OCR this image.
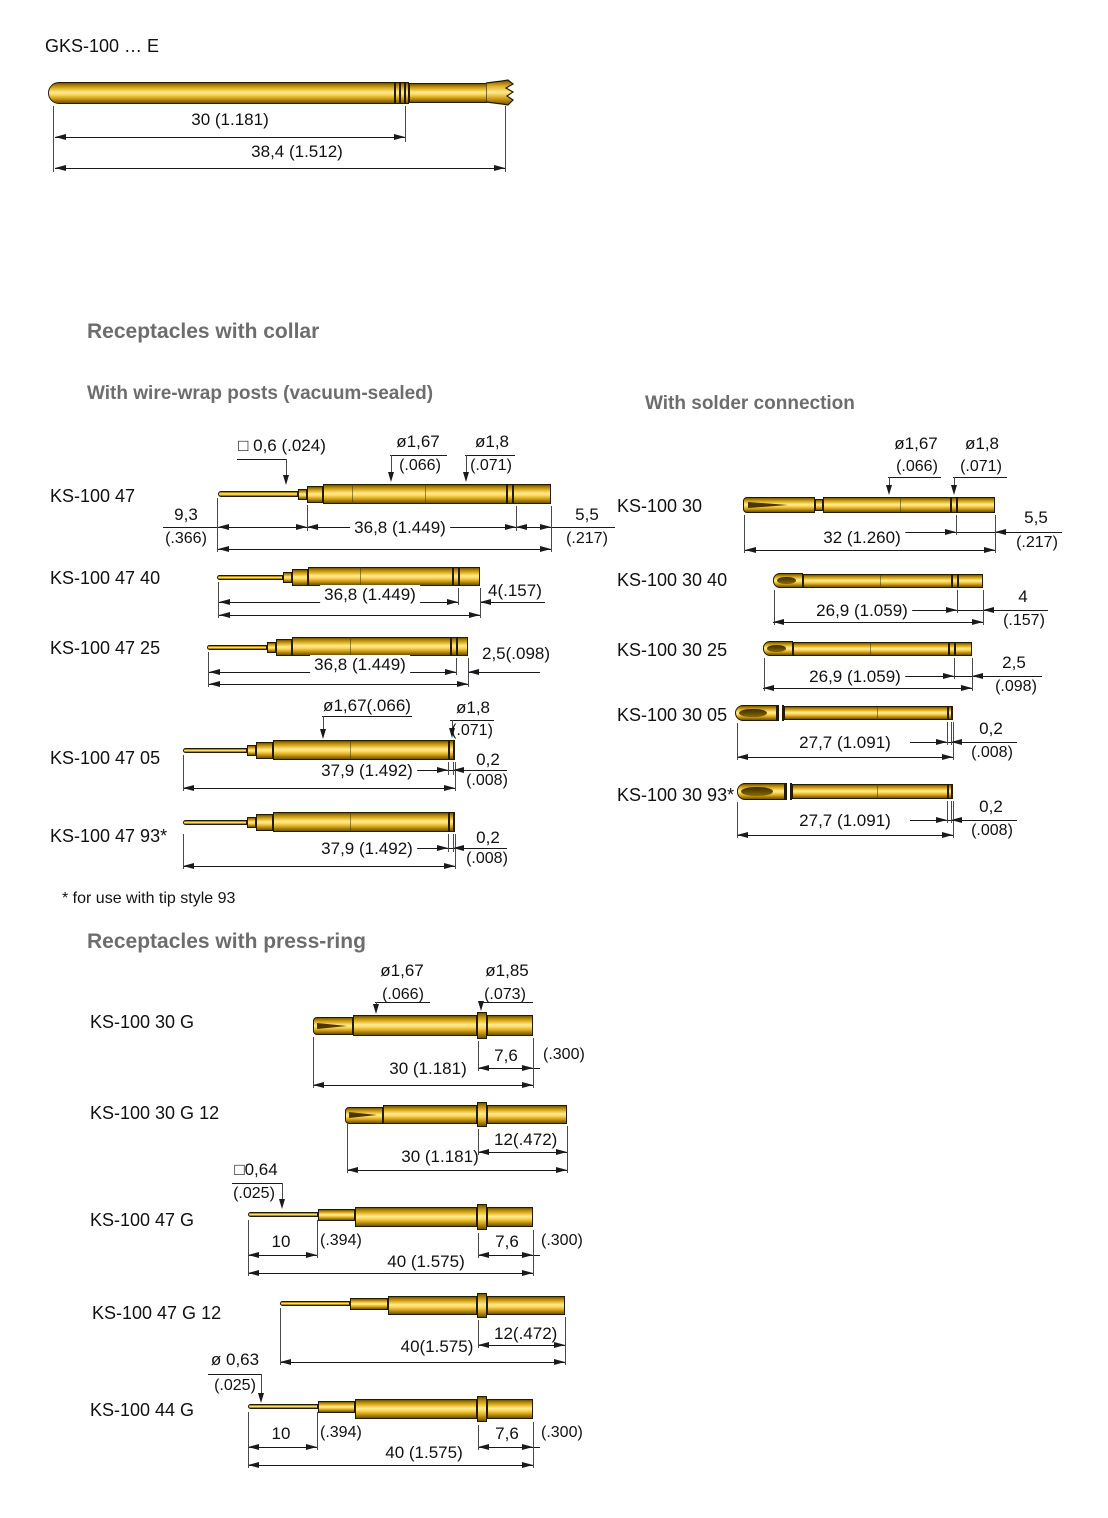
Receptacles with collar
With wire-wrap posts (vacuum-sealed)	With solder connection
* for use with tip style 93
Receptacles with press-ring
GKS-100 … E
30 (1.181)
38,4 (1.512)
KS-100 47
□ 0,6 (.024)	ø1,67
(.066)
ø1,8
(.071)
9,3
(.366)
36,8 (1.449)
5,5
(.217)
KS-100 47 40
36,8 (1.449)	4(.157)
KS-100 47 25
36,8 (1.449)
2,5(.098)
KS-100 47 05
ø1,67(.066)	ø1,8
(.071)
37,9 (1.492)
0,2
(.008)
KS-100 47 93*
37,9 (1.492)
0,2
(.008)
KS-100 30
ø1,67
(.066)
ø1,8
(.071)
32 (1.260)
5,5
(.217)
KS-100 30 40
26,9 (1.059)
4
(.157)
KS-100 30 25
26,9 (1.059)
2,5
(.098)
KS-100 30 05
27,7 (1.091)
0,2
(.008)
KS-100 30 93*
27,7 (1.091)
0,2
(.008)
KS-100 30 G
ø1,67
(.066)
ø1,85
(.073)
30 (1.181)
7,6 (.300)
KS-100 30 G 12
30 (1.181)
12(.472)
KS-100 47 G
□0,64
(.025)
10 (.394)	7,6 (.300)
40 (1.575)
KS-100 47 G 12
12(.472)
40(1.575)
ø 0,63
(.025)
KS-100 44 G
10 (.394)	7,6 (.300)
40 (1.575)
